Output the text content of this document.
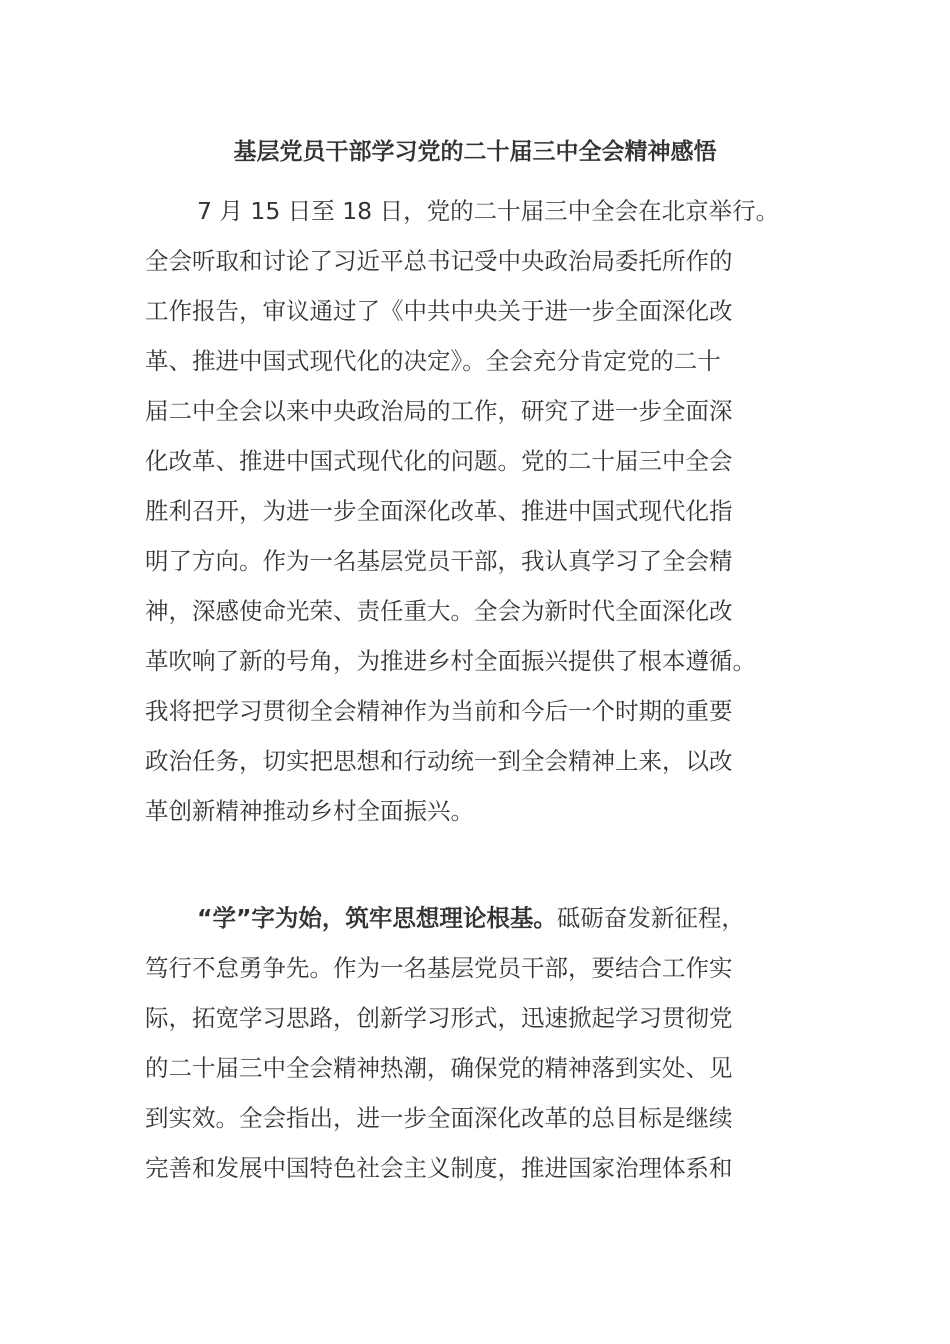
基层党员干部学习党的二十届三中全会精神感悟
7 月 15 日至 18 日，党的二十届三中全会在北京举行。
全会听取和讨论了习近平总书记受中央政治局委托所作的
工作报告，审议通过了《中共中央关于进一步全面深化改
革、推进中国式现代化的决定》。全会充分肯定党的二十
届二中全会以来中央政治局的工作，研究了进一步全面深
化改革、推进中国式现代化的问题。党的二十届三中全会
胜利召开，为进一步全面深化改革、推进中国式现代化指
明了方向。作为一名基层党员干部，我认真学习了全会精
神，深感使命光荣、责任重大。全会为新时代全面深化改
革吹响了新的号角，为推进乡村全面振兴提供了根本遵循。
我将把学习贯彻全会精神作为当前和今后一个时期的重要
政治任务，切实把思想和行动统一到全会精神上来，以改
革创新精神推动乡村全面振兴。
“学”字为始，筑牢思想理论根基。砥砺奋发新征程，
笃行不怠勇争先。作为一名基层党员干部，要结合工作实
际，拓宽学习思路，创新学习形式，迅速掀起学习贯彻党
的二十届三中全会精神热潮，确保党的精神落到实处、见
到实效。全会指出，进一步全面深化改革的总目标是继续
完善和发展中国特色社会主义制度，推进国家治理体系和
